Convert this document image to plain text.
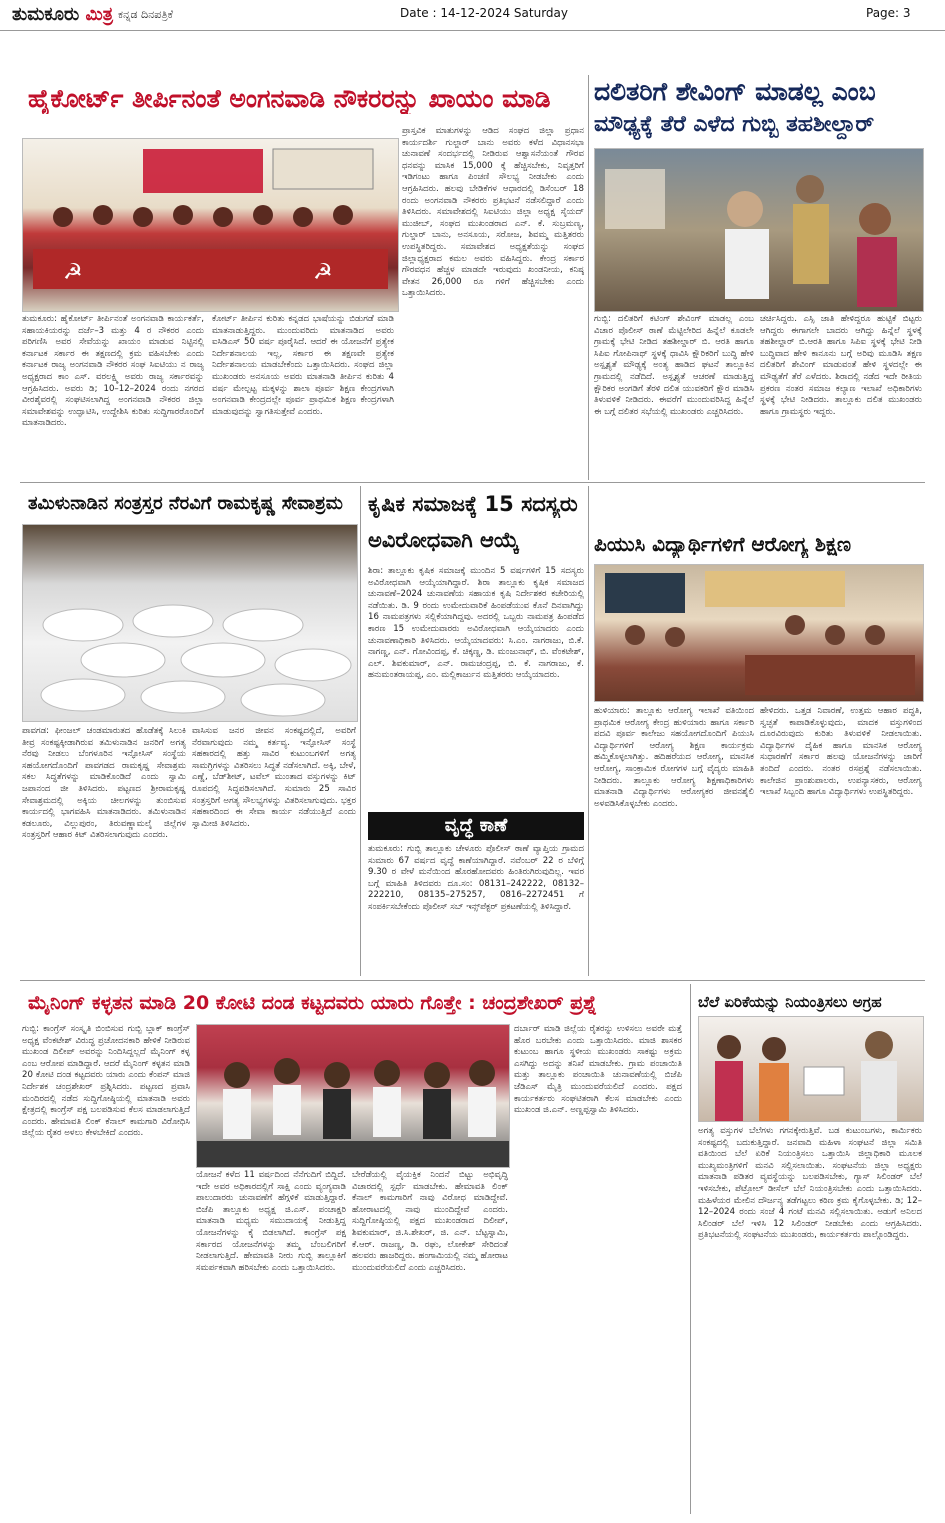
ತುಮಕೂರು ಮಿತ್ರ ಕನ್ನಡ ದಿನಪತ್ರಿಕೆ	Date : 14-12-2024 Saturday	Page: 3
ಹೈಕೋರ್ಟ್ ತೀರ್ಪಿನಂತೆ ಅಂಗನವಾಡಿ ನೌಕರರನ್ನು ಖಾಯಂ ಮಾಡಿ
☭	☭
ತುಮಕೂರು: ಹೈಕೋರ್ಟ್ ತೀರ್ಪಿನಂತೆ ಅಂಗನವಾಡಿ ಕಾರ್ಯಕರ್ತೆ, ಸಹಾಯಕಿಯರನ್ನು ದರ್ಜೆ–3 ಮತ್ತು 4 ರ ನೌಕರರ ಎಂದು ಪರಿಗಣಿಸಿ ಅವರ ಸೇವೆಯನ್ನು ಖಾಯಂ ಮಾಡುವ ನಿಟ್ಟಿನಲ್ಲಿ ಕರ್ನಾಟಕ ಸರ್ಕಾರ ಈ ತಕ್ಷಣದಲ್ಲಿ ಕ್ರಮ ವಹಿಸಬೇಕು ಎಂದು ಕರ್ನಾಟಕ ರಾಜ್ಯ ಅಂಗನವಾಡಿ ನೌಕರರ ಸಂಘ ಸಿಐಟಿಯು ನ ರಾಜ್ಯ ಅಧ್ಯಕ್ಷರಾದ ಕಾಂ ಎಸ್. ವರಲಕ್ಷ್ಮಿ ಅವರು ರಾಜ್ಯ ಸರ್ಕಾರವನ್ನು ಆಗ್ರಹಿಸಿದರು. ಅವರು ಡಿ; 10–12–2024 ರಂದು ನಗರದ ವೀರಶೈವರಲ್ಲಿ ಸಂಘಟಿಸಲಾಗಿದ್ದ ಅಂಗನವಾಡಿ ನೌಕರರ ಜಿಲ್ಲಾ ಸಮಾವೇಶವನ್ನು ಉದ್ಘಾಟಿಸಿ, ಉದ್ದೇಶಿಸಿ ಕುರಿತು ಸುದ್ದಿಗಾರರೊಂದಿಗೆ ಮಾತನಾಡಿದರು.
ಕೋರ್ಟ್ ತೀರ್ಪಿನ ಕುರಿತು ಕನ್ನಡದ ಭಾಷೆಯನ್ನು ಬಿಡುಗಡೆ ಮಾಡಿ ಮಾತನಾಡುತ್ತಿದ್ದರು. ಮುಂದುವರಿದು ಮಾತನಾಡಿದ ಅವರು ಐಸಿಡಿಎಸ್ 50 ವರ್ಷ ಪೂರೈಸಿದೆ. ಆದರೆ ಈ ಯೋಜನೆಗೆ ಪ್ರತ್ಯೇಕ ನಿರ್ದೇಶನಾಲಯ ಇಲ್ಲ, ಸರ್ಕಾರ ಈ ತಕ್ಷಣವೇ ಪ್ರತ್ಯೇಕ ನಿರ್ದೇಶನಾಲಯ ಮಾಡಬೇಕೆಂದು ಒತ್ತಾಯಿಸಿದರು. ಸಂಘದ ಜಿಲ್ಲಾ ಮುಖಂಡರು ಅನಸೂಯ ಅವರು ಮಾತನಾಡಿ ತೀರ್ಪಿನ ಕುರಿತು 4 ವರ್ಷ ಮೇಲ್ಪಟ್ಟ ಮಕ್ಕಳನ್ನು ಶಾಲಾ ಪೂರ್ವ ಶಿಕ್ಷಣ ಕೇಂದ್ರಗಳಾಗಿ ಅಂಗನವಾಡಿ ಕೇಂದ್ರದಲ್ಲೇ ಪೂರ್ವ ಪ್ರಾಥಮಿಕ ಶಿಕ್ಷಣ ಕೇಂದ್ರಗಳಾಗಿ ಮಾಡುವುದನ್ನು ಸ್ವಾಗತಿಸುತ್ತೇವೆ ಎಂದರು.
ಪ್ರಾಸ್ತವಿಕ ಮಾತುಗಳನ್ನು ಆಡಿದ ಸಂಘದ ಜಿಲ್ಲಾ ಪ್ರಧಾನ ಕಾರ್ಯದರ್ಶಿ ಗುಲ್ಜಾರ್ ಬಾನು ಅವರು ಕಳೆದ ವಿಧಾನಸಭಾ ಚುನಾವಣೆ ಸಂದರ್ಭದಲ್ಲಿ ನೀಡಿರುವ ಆಶ್ವಾಸನೆಯಂತೆ ಗೌರವ ಧನವನ್ನು ಮಾಸಿಕ 15,000 ಕ್ಕೆ ಹೆಚ್ಚಿಸಬೇಕು, ನಿವೃತ್ತರಿಗೆ ಇಡಿಗಂಟು ಹಾಗೂ ಪಿಂಚಣಿ ಸೌಲಭ್ಯ ನೀಡಬೇಕು ಎಂದು ಆಗ್ರಹಿಸಿದರು. ಹಲವು ಬೇಡಿಕೆಗಳ ಆಧಾರದಲ್ಲಿ ಡಿಸೆಂಬರ್ 18 ರಂದು ಅಂಗನವಾಡಿ ನೌಕರರು ಪ್ರತಿಭಟನೆ ನಡೆಸಲಿದ್ದಾರೆ ಎಂದು ತಿಳಿಸಿದರು. ಸಮಾವೇಶದಲ್ಲಿ ಸಿಐಟಿಯು ಜಿಲ್ಲಾ ಅಧ್ಯಕ್ಷ ಸೈಯದ್ ಮುಜೀಬ್, ಸಂಘದ ಮುಖಂಡರಾದ ಎನ್. ಕೆ. ಸುಬ್ರಮಣ್ಯ, ಗುಲ್ಜಾರ್ ಬಾನು, ಅನಸೂಯ, ಸರೋಜ, ಶಿವಮ್ಮ ಮತ್ತಿತರರು ಉಪಸ್ಥಿತರಿದ್ದರು. ಸಮಾವೇಶದ ಅಧ್ಯಕ್ಷತೆಯನ್ನು ಸಂಘದ ಜಿಲ್ಲಾಧ್ಯಕ್ಷರಾದ ಕಮಲ ಅವರು ವಹಿಸಿದ್ದರು. ಕೇಂದ್ರ ಸರ್ಕಾರ ಗೌರವಧನ ಹೆಚ್ಚಳ ಮಾಡದೇ ಇರುವುದು ಖಂಡನೀಯ, ಕನಿಷ್ಠ ವೇತನ 26,000 ರೂ ಗಳಿಗೆ ಹೆಚ್ಚಿಸಬೇಕು ಎಂದು ಒತ್ತಾಯಿಸಿದರು.
ದಲಿತರಿಗೆ ಶೇವಿಂಗ್ ಮಾಡಲ್ಲ ಎಂಬ
ಮೌಢ್ಯಕ್ಕೆ ತೆರೆ ಎಳೆದ ಗುಬ್ಬಿ ತಹಶೀಲ್ದಾರ್
ಗುಬ್ಬಿ: ದಲಿತರಿಗೆ ಕಟಿಂಗ್ ಶೇವಿಂಗ್ ಮಾಡಲ್ಲ ಎಂಬ ವಿಚಾರ ಪೊಲೀಸ್ ಠಾಣೆ ಮೆಟ್ಟಿಲೇರಿದ ಹಿನ್ನೆಲೆ ಕೂಡಲೇ ಗ್ರಾಮಕ್ಕೆ ಭೇಟಿ ನೀಡಿದ ತಹಶೀಲ್ದಾರ್ ಬಿ. ಆರತಿ ಹಾಗೂ ಸಿಪಿಐ ಗೋಪಿನಾಥ್ ಸ್ಥಳಕ್ಕೆ ಧಾವಿಸಿ ಕ್ಷೌರಿಕರಿಗೆ ಬುದ್ಧಿ ಹೇಳಿ ಅಸ್ಪೃಶ್ಯತೆ ಮೌಢ್ಯಕ್ಕೆ ಅಂತ್ಯ ಹಾಡಿದ ಘಟನೆ ತಾಲ್ಲೂಕಿನ ಗ್ರಾಮದಲ್ಲಿ ನಡೆದಿದೆ. ಅಸ್ಪೃಶ್ಯತೆ ಆಚರಣೆ ಮಾಡುತ್ತಿದ್ದ ಕ್ಷೌರಿಕರ ಅಂಗಡಿಗೆ ತೆರಳಿ ದಲಿತ ಯುವಕರಿಗೆ ಕ್ಷೌರ ಮಾಡಿಸಿ ತಿಳುವಳಿಕೆ ನೀಡಿದರು. ಈವರೆಗೆ ಮುಂದುವರಿಸಿದ್ದ ಹಿನ್ನೆಲೆ ಈ ಬಗ್ಗೆ ದಲಿತರ ಸಭೆಯಲ್ಲಿ ಮುಖಂಡರು ಎಚ್ಚರಿಸಿದರು.
ಚರ್ಚಿಸಿದ್ದರು. ಎಸ್ಸಿ ಜಾತಿ ಹೇಳಿದ್ದರೂ ಹುಟ್ಟಿಕೆ ಬಿಟ್ಟರು ಆಗಿದ್ದರು ಈಗಾಗಲೇ ಬಾದರು ಆಗಿದ್ದು ಹಿನ್ನೆಲೆ ಸ್ಥಳಕ್ಕೆ ತಹಶೀಲ್ದಾರ್ ಬಿ.ಆರತಿ ಹಾಗೂ ಸಿಪಿಐ ಸ್ಥಳಕ್ಕೆ ಭೇಟಿ ನೀಡಿ ಬುದ್ಧಿವಾದ ಹೇಳಿ ಕಾನೂನು ಬಗ್ಗೆ ಅರಿವು ಮೂಡಿಸಿ ತಕ್ಷಣ ದಲಿತರಿಗೆ ಶೇವಿಂಗ್ ಮಾಡುವಂತೆ ಹೇಳಿ ಸ್ಥಳದಲ್ಲೇ ಈ ಮೌಢ್ಯತೆಗೆ ತೆರೆ ಎಳೆದರು. ಶಿರಾದಲ್ಲಿ ನಡೆದ ಇದೇ ರೀತಿಯ ಪ್ರಕರಣ ನಂತರ ಸಮಾಜ ಕಲ್ಯಾಣ ಇಲಾಖೆ ಅಧಿಕಾರಿಗಳು ಸ್ಥಳಕ್ಕೆ ಭೇಟಿ ನೀಡಿದರು. ತಾಲ್ಲೂಕು ದಲಿತ ಮುಖಂಡರು ಹಾಗೂ ಗ್ರಾಮಸ್ಥರು ಇದ್ದರು.
ತಮಿಳುನಾಡಿನ ಸಂತ್ರಸ್ತರ ನೆರವಿಗೆ ರಾಮಕೃಷ್ಣ ಸೇವಾಶ್ರಮ
ಪಾವಗಡ: ಫೀಂಜಲ್ ಚಂಡಮಾರುತದ ಹೊಡೆತಕ್ಕೆ ಸಿಲುಕಿ ತೀವ್ರ ಸಂಕಷ್ಟಕ್ಕೀಡಾಗಿರುವ ತಮಿಳುನಾಡಿನ ಜನರಿಗೆ ಅಗತ್ಯ ನೆರವು ನೀಡಲು ಬೆಂಗಳೂರಿನ ಇನ್ಫೋಸಿಸ್ ಸಂಸ್ಥೆಯ ಸಹಯೋಗದೊಂದಿಗೆ ಪಾವಗಡದ ರಾಮಕೃಷ್ಣ ಸೇವಾಶ್ರಮ ಸಕಲ ಸಿದ್ಧತೆಗಳನ್ನು ಮಾಡಿಕೊಂಡಿದೆ ಎಂದು ಸ್ವಾಮಿ ಜಪಾನಂದ ಜೀ ತಿಳಿಸಿದರು. ಪಟ್ಟಣದ ಶ್ರೀರಾಮಕೃಷ್ಣ ಸೇವಾಶ್ರಮದಲ್ಲಿ ಅಕ್ಕಿಯ ಚೀಲಗಳನ್ನು ತುಂಬಿಸುವ ಕಾರ್ಯದಲ್ಲಿ ಭಾಗವಹಿಸಿ ಮಾತನಾಡಿದರು. ತಮಿಳುನಾಡಿನ ಕಡಲೂರು, ವಿಲ್ಲುಪುರಂ, ತಿರುವಣ್ಣಾಮಲೈ ಜಿಲ್ಲೆಗಳ ಸಂತ್ರಸ್ತರಿಗೆ ಆಹಾರ ಕಿಟ್ ವಿತರಿಸಲಾಗುವುದು ಎಂದರು.
ವಾಸಿಸುವ ಜನರ ಜೀವನ ಸಂಕಷ್ಟದಲ್ಲಿದೆ, ಅವರಿಗೆ ನೆರವಾಗುವುದು ನಮ್ಮ ಕರ್ತವ್ಯ. ಇನ್ಫೋಸಿಸ್ ಸಂಸ್ಥೆ ಸಹಕಾರದಲ್ಲಿ ಹತ್ತು ಸಾವಿರ ಕುಟುಂಬಗಳಿಗೆ ಅಗತ್ಯ ಸಾಮಗ್ರಿಗಳನ್ನು ವಿತರಿಸಲು ಸಿದ್ಧತೆ ನಡೆಸಲಾಗಿದೆ. ಅಕ್ಕಿ, ಬೇಳೆ, ಎಣ್ಣೆ, ಬೆಡ್‌ಶೀಟ್, ಟವೆಲ್ ಮುಂತಾದ ವಸ್ತುಗಳನ್ನು ಕಿಟ್ ರೂಪದಲ್ಲಿ ಸಿದ್ಧಪಡಿಸಲಾಗಿದೆ. ಸುಮಾರು 25 ಸಾವಿರ ಸಂತ್ರಸ್ತರಿಗೆ ಅಗತ್ಯ ಸೌಲಭ್ಯಗಳನ್ನು ವಿತರಿಸಲಾಗುವುದು. ಭಕ್ತರ ಸಹಕಾರದಿಂದ ಈ ಸೇವಾ ಕಾರ್ಯ ನಡೆಯುತ್ತಿದೆ ಎಂದು ಸ್ವಾಮೀಜಿ ತಿಳಿಸಿದರು.
ಕೃಷಿಕ ಸಮಾಜಕ್ಕೆ 15 ಸದಸ್ಯರು
ಅವಿರೋಧವಾಗಿ ಆಯ್ಕೆ
ಶಿರಾ: ತಾಲ್ಲೂಕು ಕೃಷಿಕ ಸಮಾಜಕ್ಕೆ ಮುಂದಿನ 5 ವರ್ಷಗಳಿಗೆ 15 ಸದಸ್ಯರು ಅವಿರೋಧವಾಗಿ ಆಯ್ಕೆಯಾಗಿದ್ದಾರೆ. ಶಿರಾ ತಾಲ್ಲೂಕು ಕೃಷಿಕ ಸಮಾಜದ ಚುನಾವಣೆ–2024 ಚುನಾವಣೆಯ ಸಹಾಯಕ ಕೃಷಿ ನಿರ್ದೇಶಕರ ಕಚೇರಿಯಲ್ಲಿ ನಡೆಯಿತು. ಡಿ. 9 ರಂದು ಉಮೇದುವಾರಿಕೆ ಹಿಂಪಡೆಯುವ ಕೊನೆ ದಿನವಾಗಿದ್ದು 16 ನಾಮಪತ್ರಗಳು ಸಲ್ಲಿಕೆಯಾಗಿದ್ದವು. ಅದರಲ್ಲಿ ಒಬ್ಬರು ನಾಮಪತ್ರ ಹಿಂಪಡೆದ ಕಾರಣ 15 ಉಮೇದುವಾರರು ಅವಿರೋಧವಾಗಿ ಆಯ್ಕೆಯಾದರು ಎಂದು ಚುನಾವಣಾಧಿಕಾರಿ ತಿಳಿಸಿದರು. ಆಯ್ಕೆಯಾದವರು: ಸಿ.ಎಂ. ನಾಗರಾಜು, ಬಿ.ಕೆ. ನಾಗಣ್ಣ, ಎನ್. ಗೋವಿಂದಪ್ಪ, ಕೆ. ಚಿಕ್ಕಣ್ಣ, ಡಿ. ಮಂಜುನಾಥ್, ಬಿ. ವೆಂಕಟೇಶ್, ಎಲ್. ಶಿವಕುಮಾರ್, ಎನ್. ರಾಮಚಂದ್ರಪ್ಪ, ಬಿ. ಕೆ. ನಾಗರಾಜು, ಕೆ. ಹನುಮಂತರಾಯಪ್ಪ, ಎಂ. ಮಲ್ಲಿಕಾರ್ಜುನ ಮತ್ತಿತರರು ಆಯ್ಕೆಯಾದರು.
ವೃದ್ಧೆ ಕಾಣೆ
ತುಮಕೂರು: ಗುಬ್ಬಿ ತಾಲ್ಲೂಕು ಚೇಳೂರು ಪೊಲೀಸ್ ಠಾಣೆ ವ್ಯಾಪ್ತಿಯ ಗ್ರಾಮದ ಸುಮಾರು 67 ವರ್ಷದ ವೃದ್ಧೆ ಕಾಣೆಯಾಗಿದ್ದಾರೆ. ನವೆಂಬರ್ 22 ರ ಬೆಳಿಗ್ಗೆ 9.30 ರ ವೇಳೆ ಮನೆಯಿಂದ ಹೊರಹೋದವರು ಹಿಂತಿರುಗಿರುವುದಿಲ್ಲ. ಇವರ ಬಗ್ಗೆ ಮಾಹಿತಿ ತಿಳಿದವರು ದೂ.ಸಂ: 08131–242222, 08132–222210, 08135–275257, 0816–2272451 ಗೆ ಸಂಪರ್ಕಿಸಬೇಕೆಂದು ಪೊಲೀಸ್ ಸಬ್ ಇನ್ಸ್‌ಪೆಕ್ಟರ್ ಪ್ರಕಟಣೆಯಲ್ಲಿ ತಿಳಿಸಿದ್ದಾರೆ.
ಪಿಯುಸಿ ವಿದ್ಯಾರ್ಥಿಗಳಿಗೆ ಆರೋಗ್ಯ ಶಿಕ್ಷಣ
ಹುಳಿಯಾರು: ತಾಲ್ಲೂಕು ಆರೋಗ್ಯ ಇಲಾಖೆ ವತಿಯಿಂದ ಪ್ರಾಥಮಿಕ ಆರೋಗ್ಯ ಕೇಂದ್ರ ಹುಳಿಯಾರು ಹಾಗೂ ಸರ್ಕಾರಿ ಪದವಿ ಪೂರ್ವ ಕಾಲೇಜು ಸಹಯೋಗದೊಂದಿಗೆ ಪಿಯುಸಿ ವಿದ್ಯಾರ್ಥಿಗಳಿಗೆ ಆರೋಗ್ಯ ಶಿಕ್ಷಣ ಕಾರ್ಯಕ್ರಮ ಹಮ್ಮಿಕೊಳ್ಳಲಾಗಿತ್ತು. ಹದಿಹರೆಯದ ಆರೋಗ್ಯ, ಮಾನಸಿಕ ಆರೋಗ್ಯ, ಸಾಂಕ್ರಾಮಿಕ ರೋಗಗಳ ಬಗ್ಗೆ ವೈದ್ಯರು ಮಾಹಿತಿ ನೀಡಿದರು. ತಾಲ್ಲೂಕು ಆರೋಗ್ಯ ಶಿಕ್ಷಣಾಧಿಕಾರಿಗಳು ಮಾತನಾಡಿ ವಿದ್ಯಾರ್ಥಿಗಳು ಆರೋಗ್ಯಕರ ಜೀವನಶೈಲಿ ಅಳವಡಿಸಿಕೊಳ್ಳಬೇಕು ಎಂದರು.
ಹೇಳಿದರು. ಒತ್ತಡ ನಿವಾರಣೆ, ಉತ್ತಮ ಆಹಾರ ಪದ್ಧತಿ, ಸ್ವಚ್ಛತೆ ಕಾಪಾಡಿಕೊಳ್ಳುವುದು, ಮಾದಕ ವಸ್ತುಗಳಿಂದ ದೂರವಿರುವುದು ಕುರಿತು ತಿಳುವಳಿಕೆ ನೀಡಲಾಯಿತು. ವಿದ್ಯಾರ್ಥಿಗಳ ದೈಹಿಕ ಹಾಗೂ ಮಾನಸಿಕ ಆರೋಗ್ಯ ಸುಧಾರಣೆಗೆ ಸರ್ಕಾರ ಹಲವು ಯೋಜನೆಗಳನ್ನು ಜಾರಿಗೆ ತಂದಿದೆ ಎಂದರು. ನಂತರ ರಸಪ್ರಶ್ನೆ ನಡೆಸಲಾಯಿತು. ಕಾಲೇಜಿನ ಪ್ರಾಂಶುಪಾಲರು, ಉಪನ್ಯಾಸಕರು, ಆರೋಗ್ಯ ಇಲಾಖೆ ಸಿಬ್ಬಂದಿ ಹಾಗೂ ವಿದ್ಯಾರ್ಥಿಗಳು ಉಪಸ್ಥಿತರಿದ್ದರು.
ಮೈನಿಂಗ್ ಕಳ್ಳತನ ಮಾಡಿ 20 ಕೋಟಿ ದಂಡ ಕಟ್ಟದವರು ಯಾರು ಗೊತ್ತೇ : ಚಂದ್ರಶೇಖರ್ ಪ್ರಶ್ನೆ
ಗುಬ್ಬಿ: ಕಾಂಗ್ರೆಸ್ ಸಂಸ್ಕೃತಿ ಬಿಂಬಿಸುವ ಗುಬ್ಬಿ ಬ್ಲಾಕ್ ಕಾಂಗ್ರೆಸ್ ಅಧ್ಯಕ್ಷ ವೆಂಕಟೇಶ್ ವಿರುದ್ಧ ಪ್ರಚೋದನಕಾರಿ ಹೇಳಿಕೆ ನೀಡಿರುವ ಮುಖಂಡ ದಿಲೀಪ್ ಅವರನ್ನು ನಿಂದಿಸಿದ್ದಲ್ಲದೆ ಮೈನಿಂಗ್ ಕಳ್ಳ ಎಂಬ ಆರೋಪ ಮಾಡಿದ್ದಾರೆ. ಆದರೆ ಮೈನಿಂಗ್ ಕಳ್ಳತನ ಮಾಡಿ 20 ಕೋಟಿ ದಂಡ ಕಟ್ಟದವರು ಯಾರು ಎಂದು ಕೆಂಪನ್ ಮಾಜಿ ನಿರ್ದೇಶಕ ಚಂದ್ರಶೇಖರ್ ಪ್ರಶ್ನಿಸಿದರು. ಪಟ್ಟಣದ ಪ್ರವಾಸಿ ಮಂದಿರದಲ್ಲಿ ನಡೆದ ಸುದ್ದಿಗೋಷ್ಠಿಯಲ್ಲಿ ಮಾತನಾಡಿ ಅವರು ಕ್ಷೇತ್ರದಲ್ಲಿ ಕಾಂಗ್ರೆಸ್ ಪಕ್ಷ ಬಲಪಡಿಸುವ ಕೆಲಸ ಮಾಡಲಾಗುತ್ತಿದೆ ಎಂದರು. ಹೇಮಾವತಿ ಲಿಂಕ್ ಕೆನಾಲ್ ಕಾಮಗಾರಿ ವಿರೋಧಿಸಿ ಜಿಲ್ಲೆಯ ರೈತರ ಅಳಲು ಕೇಳಬೇಕಿದೆ ಎಂದರು.
ಯೋಜನೆ ಕಳೆದ 11 ವರ್ಷದಿಂದ ನೆನೆಗುದಿಗೆ ಬಿದ್ದಿದೆ. ಇದೇ ಅವರ ಅಧಿಕಾರದಲ್ಲಿಗೆ ಸಾಕ್ಷಿ ಎಂದು ವ್ಯಂಗ್ಯವಾಡಿ ಪಾಲುದಾರರು ಚುನಾವಣೆಗೆ ಹೆಗ್ಗಳಿಕೆ ಮಾಡುತ್ತಿದ್ದಾರೆ. ಬಿಜೆಪಿ ತಾಲ್ಲೂಕು ಅಧ್ಯಕ್ಷ ಜಿ.ಎಸ್. ಪಂಚಾಕ್ಷರಿ ಮಾತನಾಡಿ ಮಧ್ಯಮ ಸಮುದಾಯಕ್ಕೆ ನೀಡುತ್ತಿದ್ದ ಯೋಜನೆಗಳನ್ನು ಕೈ ಬಿಡಲಾಗಿದೆ. ಕಾಂಗ್ರೆಸ್ ಪಕ್ಷ ಸರ್ಕಾರದ ಯೋಜನೆಗಳನ್ನು ತಮ್ಮ ಬೆಂಬಲಿಗರಿಗೆ ನೀಡಲಾಗುತ್ತಿದೆ. ಹೇಮಾವತಿ ನೀರು ಗುಬ್ಬಿ ತಾಲ್ಲೂಕಿಗೆ ಸಮರ್ಪಕವಾಗಿ ಹರಿಸಬೇಕು ಎಂದು ಒತ್ತಾಯಿಸಿದರು.
ಬೇರೆಡೆಯಲ್ಲಿ ವೈಯಕ್ತಿಕ ನಿಂದನೆ ಬಿಟ್ಟು ಅಭಿವೃದ್ಧಿ ವಿಚಾರದಲ್ಲಿ ಸ್ಪರ್ಧೆ ಮಾಡಬೇಕು. ಹೇಮಾವತಿ ಲಿಂಕ್ ಕೆನಾಲ್ ಕಾಮಗಾರಿಗೆ ನಾವು ವಿರೋಧ ಮಾಡಿದ್ದೇವೆ. ಹೋರಾಟದಲ್ಲಿ ನಾವು ಮುಂದಿದ್ದೇವೆ ಎಂದರು. ಸುದ್ದಿಗೋಷ್ಠಿಯಲ್ಲಿ ಪಕ್ಷದ ಮುಖಂಡರಾದ ದಿಲೀಪ್, ಶಿವಕುಮಾರ್, ಜಿ.ಸಿ.ಶೇಖರ್, ಜಿ. ಎನ್. ಬೆಟ್ಟಸ್ವಾಮಿ, ಕೆ.ಆರ್. ರಾಜಣ್ಣ, ಡಿ. ರಘು, ಲೋಕೇಶ್ ಸೇರಿದಂತೆ ಹಲವರು ಹಾಜರಿದ್ದರು. ಹಂಗಾಮಿಯಲ್ಲಿ ನಮ್ಮ ಹೋರಾಟ ಮುಂದುವರೆಯಲಿದೆ ಎಂದು ಎಚ್ಚರಿಸಿದರು.
ದರ್ಬಾರ್ ಮಾಡಿ ಜಿಲ್ಲೆಯ ರೈತರನ್ನು ಉಳಿಸಲು ಅವರೇ ಮತ್ತೆ ಹೊರ ಬರಬೇಕು ಎಂದು ಒತ್ತಾಯಿಸಿದರು. ಮಾಜಿ ಶಾಸಕರ ಕುಟುಂಬ ಹಾಗೂ ಸ್ಥಳೀಯ ಮುಖಂಡರು ಸಾಕಷ್ಟು ಅಕ್ರಮ ಎಸಗಿದ್ದು ಅದನ್ನು ತನಿಖೆ ಮಾಡಬೇಕು. ಗ್ರಾಮ ಪಂಚಾಯಿತಿ ಮತ್ತು ತಾಲ್ಲೂಕು ಪಂಚಾಯಿತಿ ಚುನಾವಣೆಯಲ್ಲಿ ಬಿಜೆಪಿ ಜೆಡಿಎಸ್ ಮೈತ್ರಿ ಮುಂದುವರೆಯಲಿದೆ ಎಂದರು. ಪಕ್ಷದ ಕಾರ್ಯಕರ್ತರು ಸಂಘಟಿತರಾಗಿ ಕೆಲಸ ಮಾಡಬೇಕು ಎಂದು ಮುಖಂಡ ಜಿ.ಎನ್. ಅಣ್ಣಪ್ಪಸ್ವಾಮಿ ತಿಳಿಸಿದರು.
ಬೆಲೆ ಏರಿಕೆಯನ್ನು ನಿಯಂತ್ರಿಸಲು ಅಗ್ರಹ
ಅಗತ್ಯ ವಸ್ತುಗಳ ಬೆಲೆಗಳು ಗಗನಕ್ಕೇರುತ್ತಿವೆ. ಬಡ ಕುಟುಂಬಗಳು, ಕಾರ್ಮಿಕರು ಸಂಕಷ್ಟದಲ್ಲಿ ಬದುಕುತ್ತಿದ್ದಾರೆ. ಜನವಾದಿ ಮಹಿಳಾ ಸಂಘಟನೆ ಜಿಲ್ಲಾ ಸಮಿತಿ ವತಿಯಿಂದ ಬೆಲೆ ಏರಿಕೆ ನಿಯಂತ್ರಿಸಲು ಒತ್ತಾಯಿಸಿ ಜಿಲ್ಲಾಧಿಕಾರಿ ಮೂಲಕ ಮುಖ್ಯಮಂತ್ರಿಗಳಿಗೆ ಮನವಿ ಸಲ್ಲಿಸಲಾಯಿತು. ಸಂಘಟನೆಯ ಜಿಲ್ಲಾ ಅಧ್ಯಕ್ಷರು ಮಾತನಾಡಿ ಪಡಿತರ ವ್ಯವಸ್ಥೆಯನ್ನು ಬಲಪಡಿಸಬೇಕು, ಗ್ಯಾಸ್ ಸಿಲಿಂಡರ್ ಬೆಲೆ ಇಳಿಸಬೇಕು, ಪೆಟ್ರೋಲ್ ಡೀಸೆಲ್ ಬೆಲೆ ನಿಯಂತ್ರಿಸಬೇಕು ಎಂದು ಒತ್ತಾಯಿಸಿದರು. ಮಹಿಳೆಯರ ಮೇಲಿನ ದೌರ್ಜನ್ಯ ತಡೆಗಟ್ಟಲು ಕಠಿಣ ಕ್ರಮ ಕೈಗೊಳ್ಳಬೇಕು. ಡಿ; 12–12–2024 ರಂದು ಸಂಜೆ 4 ಗಂಟೆ ಮನವಿ ಸಲ್ಲಿಸಲಾಯಿತು. ಅಡುಗೆ ಅನಿಲದ ಸಿಲಿಂಡರ್ ಬೆಲೆ ಇಳಿಸಿ 12 ಸಿಲಿಂಡರ್ ನೀಡಬೇಕು ಎಂದು ಆಗ್ರಹಿಸಿದರು. ಪ್ರತಿಭಟನೆಯಲ್ಲಿ ಸಂಘಟನೆಯ ಮುಖಂಡರು, ಕಾರ್ಯಕರ್ತರು ಪಾಲ್ಗೊಂಡಿದ್ದರು.
